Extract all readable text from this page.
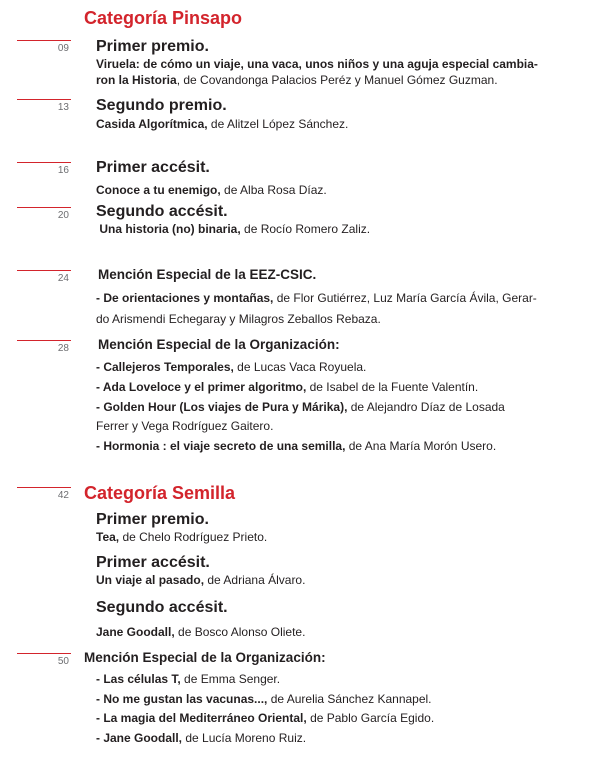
Categoría Pinsapo
09
13
16
20
24
28
42
50
Primer premio.
Viruela: de cómo un viaje, una vaca, unos niños y una aguja especial cambia-
ron la Historia, de Covandonga Palacios Peréz y Manuel Gómez Guzman.
Segundo premio.
Casida Algorítmica, de Alitzel López Sánchez.
Primer accésit.
Conoce a tu enemigo, de Alba Rosa Díaz.
Segundo accésit.
Una historia (no) binaria, de Rocío Romero Zaliz.
Mención Especial de la EEZ-CSIC.
- De orientaciones y montañas, de Flor Gutiérrez, Luz María García Ávila, Gerar-
do Arismendi Echegaray y Milagros Zeballos Rebaza.
Mención Especial de la Organización:
- Callejeros Temporales, de Lucas Vaca Royuela.
- Ada Loveloce y el primer algoritmo, de Isabel de la Fuente Valentín.
- Golden Hour (Los viajes de Pura y Márika), de Alejandro Díaz de Losada
Ferrer y Vega Rodríguez Gaitero.
- Hormonia : el viaje secreto de una semilla, de Ana María Morón Usero.
Categoría Semilla
Primer premio.
Tea, de Chelo Rodríguez Prieto.
Primer accésit.
Un viaje al pasado, de Adriana Álvaro.
Segundo accésit.
Jane Goodall, de Bosco Alonso Oliete.
Mención Especial de la Organización:
- Las células T, de Emma Senger.
- No me gustan las vacunas..., de Aurelia Sánchez Kannapel.
- La magia del Mediterráneo Oriental, de Pablo García Egido.
- Jane Goodall, de Lucía Moreno Ruiz.
